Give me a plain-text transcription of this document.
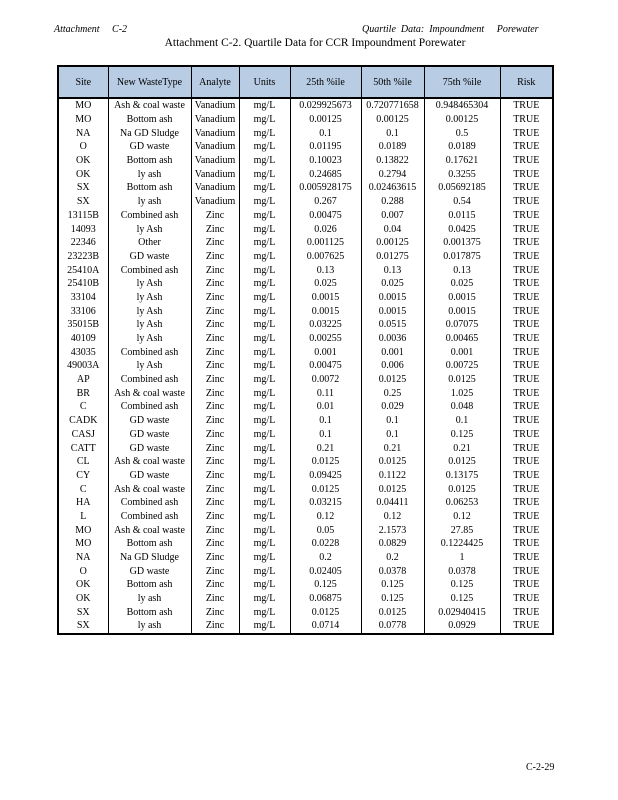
Attachment     C-2	Quartile  Data:  Impoundment     Porewater
Attachment C-2. Quartile Data for CCR Impoundment Porewater
Site	New WasteType	Analyte	Units	25th %ile	50th %ile	75th %ile	Risk
MO	Ash & coal waste	Vanadium	mg/L	0.029925673	0.720771658	0.948465304	TRUE
MO	Bottom ash	Vanadium	mg/L	0.00125	0.00125	0.00125	TRUE
NA	Na GD Sludge	Vanadium	mg/L	0.1	0.1	0.5	TRUE
O	GD waste	Vanadium	mg/L	0.01195	0.0189	0.0189	TRUE
OK	Bottom ash	Vanadium	mg/L	0.10023	0.13822	0.17621	TRUE
OK	ly ash	Vanadium	mg/L	0.24685	0.2794	0.3255	TRUE
SX	Bottom ash	Vanadium	mg/L	0.005928175	0.02463615	0.05692185	TRUE
SX	ly ash	Vanadium	mg/L	0.267	0.288	0.54	TRUE
13115B	Combined ash	Zinc	mg/L	0.00475	0.007	0.0115	TRUE
14093	ly Ash	Zinc	mg/L	0.026	0.04	0.0425	TRUE
22346	Other	Zinc	mg/L	0.001125	0.00125	0.001375	TRUE
23223B	GD waste	Zinc	mg/L	0.007625	0.01275	0.017875	TRUE
25410A	Combined ash	Zinc	mg/L	0.13	0.13	0.13	TRUE
25410B	ly Ash	Zinc	mg/L	0.025	0.025	0.025	TRUE
33104	ly Ash	Zinc	mg/L	0.0015	0.0015	0.0015	TRUE
33106	ly Ash	Zinc	mg/L	0.0015	0.0015	0.0015	TRUE
35015B	ly Ash	Zinc	mg/L	0.03225	0.0515	0.07075	TRUE
40109	ly Ash	Zinc	mg/L	0.00255	0.0036	0.00465	TRUE
43035	Combined ash	Zinc	mg/L	0.001	0.001	0.001	TRUE
49003A	ly Ash	Zinc	mg/L	0.00475	0.006	0.00725	TRUE
AP	Combined ash	Zinc	mg/L	0.0072	0.0125	0.0125	TRUE
BR	Ash & coal waste	Zinc	mg/L	0.11	0.25	1.025	TRUE
C	Combined ash	Zinc	mg/L	0.01	0.029	0.048	TRUE
CADK	GD waste	Zinc	mg/L	0.1	0.1	0.1	TRUE
CASJ	GD waste	Zinc	mg/L	0.1	0.1	0.125	TRUE
CATT	GD waste	Zinc	mg/L	0.21	0.21	0.21	TRUE
CL	Ash & coal waste	Zinc	mg/L	0.0125	0.0125	0.0125	TRUE
CY	GD waste	Zinc	mg/L	0.09425	0.1122	0.13175	TRUE
C	Ash & coal waste	Zinc	mg/L	0.0125	0.0125	0.0125	TRUE
HA	Combined ash	Zinc	mg/L	0.03215	0.04411	0.06253	TRUE
L	Combined ash	Zinc	mg/L	0.12	0.12	0.12	TRUE
MO	Ash & coal waste	Zinc	mg/L	0.05	2.1573	27.85	TRUE
MO	Bottom ash	Zinc	mg/L	0.0228	0.0829	0.1224425	TRUE
NA	Na GD Sludge	Zinc	mg/L	0.2	0.2	1	TRUE
O	GD waste	Zinc	mg/L	0.02405	0.0378	0.0378	TRUE
OK	Bottom ash	Zinc	mg/L	0.125	0.125	0.125	TRUE
OK	ly ash	Zinc	mg/L	0.06875	0.125	0.125	TRUE
SX	Bottom ash	Zinc	mg/L	0.0125	0.0125	0.02940415	TRUE
SX	ly ash	Zinc	mg/L	0.0714	0.0778	0.0929	TRUE
C-2-29
